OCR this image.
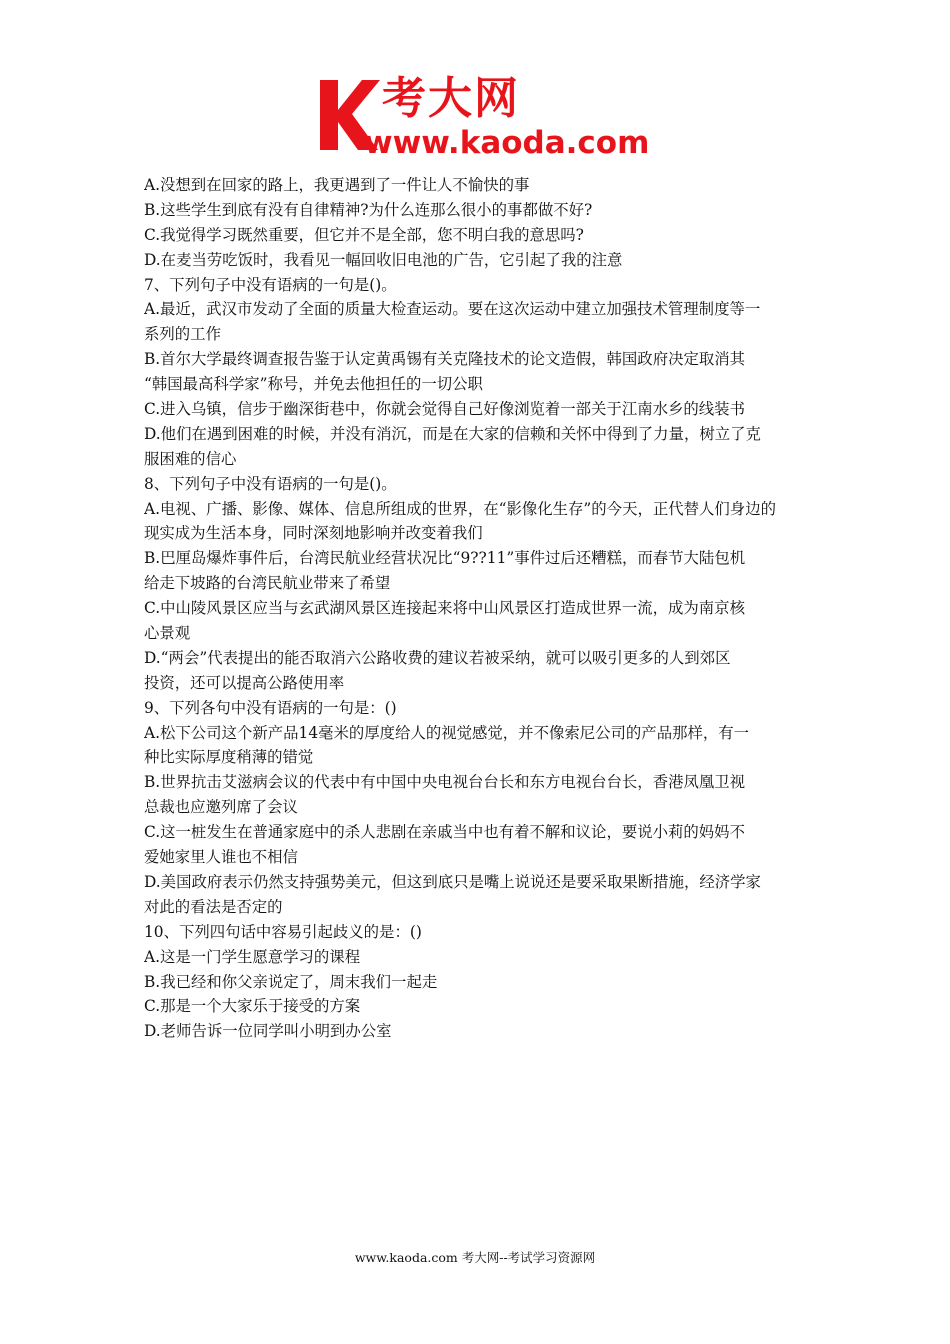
考大网
www.kaoda.com
A.没想到在回家的路上，我更遇到了一件让人不愉快的事
B.这些学生到底有没有自律精神?为什么连那么很小的事都做不好?
C.我觉得学习既然重要，但它并不是全部，您不明白我的意思吗?
D.在麦当劳吃饭时，我看见一幅回收旧电池的广告，它引起了我的注意
7、下列句子中没有语病的一句是()。
A.最近，武汉市发动了全面的质量大检查运动。要在这次运动中建立加强技术管理制度等一
系列的工作
B.首尔大学最终调查报告鉴于认定黄禹锡有关克隆技术的论文造假，韩国政府决定取消其
“韩国最高科学家”称号，并免去他担任的一切公职
C.进入乌镇，信步于幽深街巷中，你就会觉得自己好像浏览着一部关于江南水乡的线装书
D.他们在遇到困难的时候，并没有消沉，而是在大家的信赖和关怀中得到了力量，树立了克
服困难的信心
8、下列句子中没有语病的一句是()。
A.电视、广播、影像、媒体、信息所组成的世界，在“影像化生存”的今天，正代替人们身边的
现实成为生活本身，同时深刻地影响并改变着我们
B.巴厘岛爆炸事件后，台湾民航业经营状况比“9??11”事件过后还糟糕，而春节大陆包机
给走下坡路的台湾民航业带来了希望
C.中山陵风景区应当与玄武湖风景区连接起来将中山风景区打造成世界一流，成为南京核
心景观
D.“两会”代表提出的能否取消六公路收费的建议若被采纳，就可以吸引更多的人到郊区
投资，还可以提高公路使用率
9、下列各句中没有语病的一句是：()
A.松下公司这个新产品14毫米的厚度给人的视觉感觉，并不像索尼公司的产品那样，有一
种比实际厚度稍薄的错觉
B.世界抗击艾滋病会议的代表中有中国中央电视台台长和东方电视台台长，香港凤凰卫视
总裁也应邀列席了会议
C.这一桩发生在普通家庭中的杀人悲剧在亲戚当中也有着不解和议论，要说小莉的妈妈不
爱她家里人谁也不相信
D.美国政府表示仍然支持强势美元，但这到底只是嘴上说说还是要采取果断措施，经济学家
对此的看法是否定的
10、下列四句话中容易引起歧义的是：()
A.这是一门学生愿意学习的课程
B.我已经和你父亲说定了，周末我们一起走
C.那是一个大家乐于接受的方案
D.老师告诉一位同学叫小明到办公室
www.kaoda.com 考大网--考试学习资源网
